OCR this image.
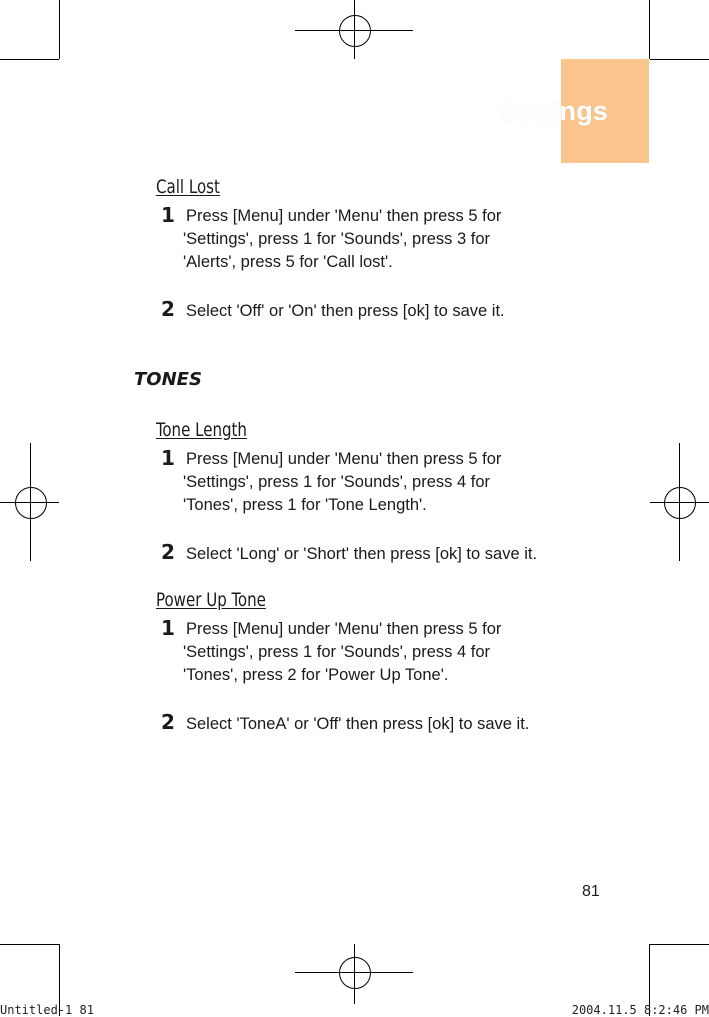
Settings
Call Lost
1 Press [Menu] under 'Menu' then press 5 for
'Settings', press 1 for 'Sounds', press 3 for
'Alerts', press 5 for 'Call lost'.
2 Select 'Off' or 'On' then press [ok] to save it.
TONES
Tone Length
1 Press [Menu] under 'Menu' then press 5 for
'Settings', press 1 for 'Sounds', press 4 for
'Tones', press 1 for 'Tone Length'.
2 Select 'Long' or 'Short' then press [ok] to save it.
Power Up Tone
1 Press [Menu] under 'Menu' then press 5 for
'Settings', press 1 for 'Sounds', press 4 for
'Tones', press 2 for 'Power Up Tone'.
2 Select 'ToneA' or 'Off' then press [ok] to save it.
81
Untitled-1 81	2004.11.5 8:2:46 PM
